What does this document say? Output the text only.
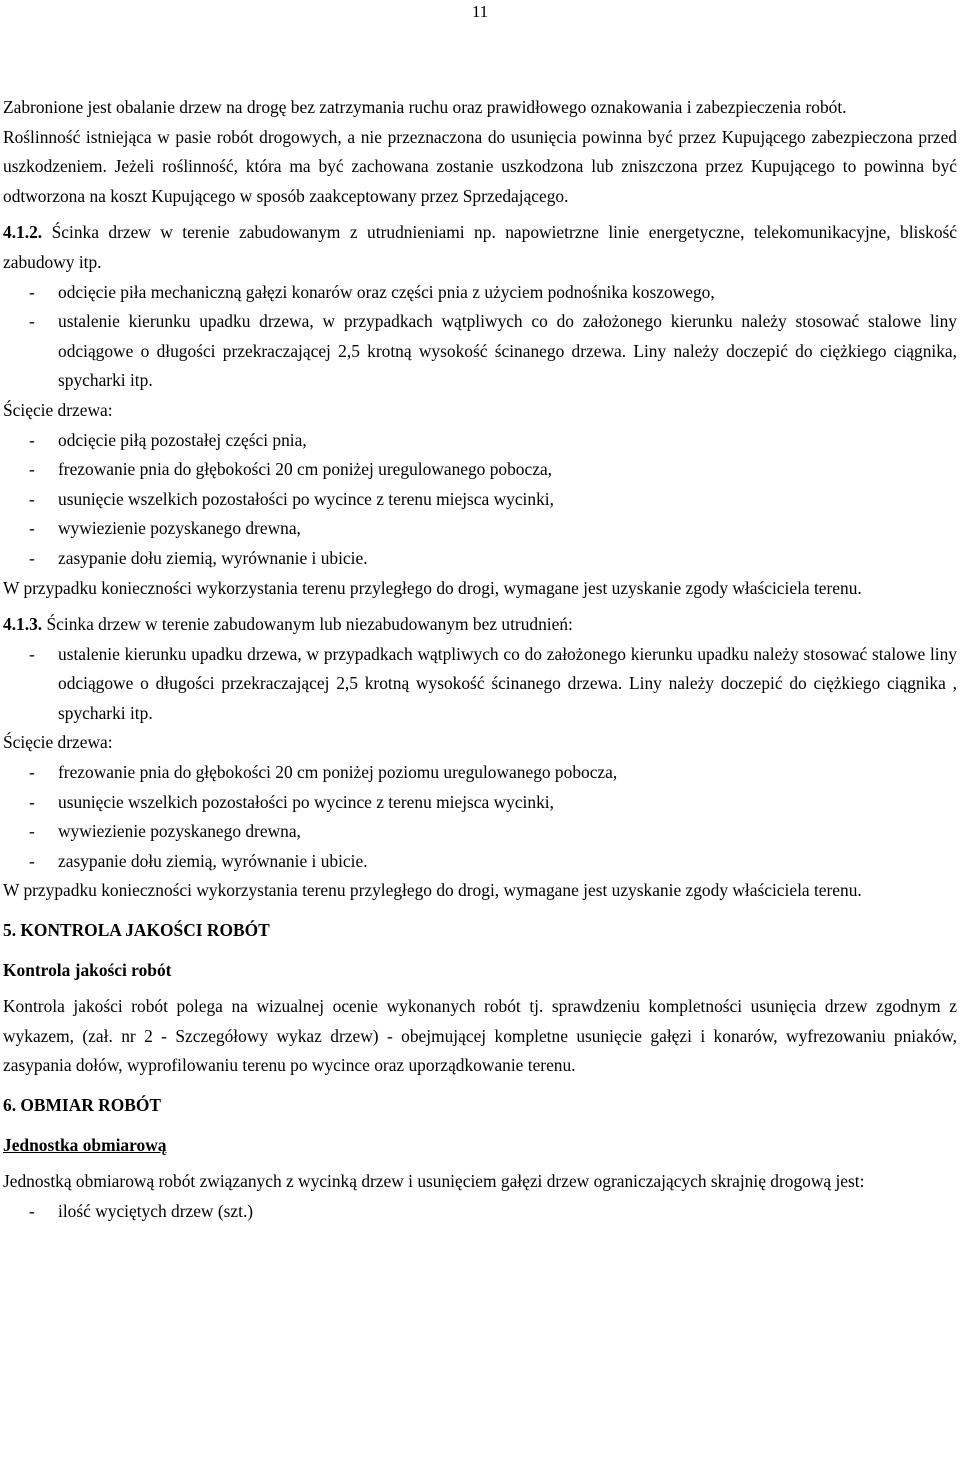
11

Zabronione jest obalanie drzew na drogę bez zatrzymania ruchu oraz prawidłowego oznakowania i zabezpieczenia robót.

Roślinność istniejąca w pasie robót drogowych, a nie przeznaczona do usunięcia powinna być przez Kupującego zabezpieczona przed uszkodzeniem. Jeżeli roślinność, która ma być zachowana zostanie uszkodzona lub zniszczona przez Kupującego to powinna być odtworzona na koszt Kupującego w sposób zaakceptowany przez Sprzedającego.

4.1.2. Ścinka drzew w terenie zabudowanym z utrudnieniami np. napowietrzne linie energetyczne, telekomunikacyjne, bliskość zabudowy itp.

- odcięcie piła mechaniczną gałęzi konarów oraz części pnia z użyciem podnośnika koszowego,
- ustalenie kierunku upadku drzewa, w przypadkach wątpliwych co do założonego kierunku należy stosować stalowe liny odciągowe o długości przekraczającej 2,5 krotną wysokość ścinanego drzewa. Liny należy doczepić do ciężkiego ciągnika, spycharki itp.

Ścięcie drzewa:

- odcięcie piłą pozostałej części pnia,
- frezowanie pnia do głębokości 20 cm poniżej uregulowanego pobocza,
- usunięcie wszelkich pozostałości po wycince z terenu miejsca wycinki,
- wywiezienie pozyskanego drewna,
- zasypanie dołu ziemią, wyrównanie i ubicie.

W przypadku konieczności wykorzystania terenu przyległego do drogi, wymagane jest uzyskanie zgody właściciela terenu.

4.1.3. Ścinka drzew w terenie zabudowanym lub niezabudowanym bez utrudnień:

- ustalenie kierunku upadku drzewa, w przypadkach wątpliwych co do założonego kierunku upadku należy stosować stalowe liny odciągowe o długości przekraczającej 2,5 krotną wysokość ścinanego drzewa. Liny należy doczepić do ciężkiego ciągnika , spycharki itp.

Ścięcie drzewa:

- frezowanie pnia do głębokości 20 cm poniżej poziomu uregulowanego pobocza,
- usunięcie wszelkich pozostałości po wycince z terenu miejsca wycinki,
- wywiezienie pozyskanego drewna,
- zasypanie dołu ziemią, wyrównanie i ubicie.

W przypadku konieczności wykorzystania terenu przyległego do drogi, wymagane jest uzyskanie zgody właściciela terenu.

5. KONTROLA JAKOŚCI ROBÓT
Kontrola jakości robót

Kontrola jakości robót polega na wizualnej ocenie wykonanych robót tj. sprawdzeniu kompletności usunięcia drzew zgodnym z wykazem, (zał. nr 2 - Szczegółowy wykaz drzew) - obejmującej kompletne usunięcie gałęzi i konarów, wyfrezowaniu pniaków, zasypania dołów, wyprofilowaniu terenu po wycince oraz uporządkowanie terenu.

6. OBMIAR ROBÓT
Jednostka obmiarową

Jednostką obmiarową robót związanych z wycinką drzew i usunięciem gałęzi drzew ograniczających skrajnię drogową jest:

- ilość wyciętych drzew (szt.)
